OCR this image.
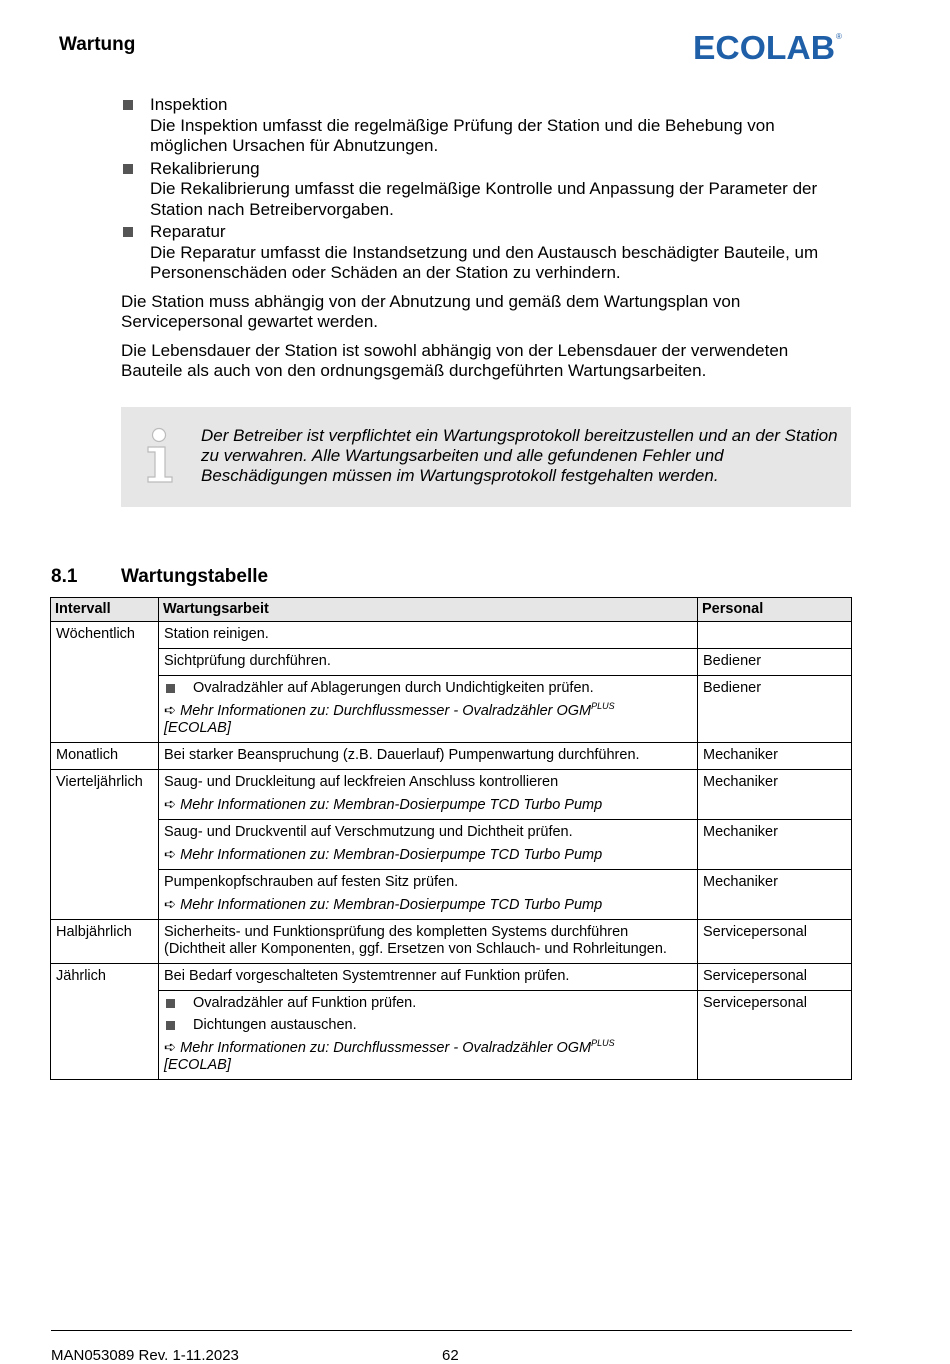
Wartung	ECOLAB ®
Inspektion
Die Inspektion umfasst die regelmäßige Prüfung der Station und die Behebung von möglichen Ursachen für Abnutzungen.
Rekalibrierung
Die Rekalibrierung umfasst die regelmäßige Kontrolle und Anpassung der Parameter der Station nach Betreibervorgaben.
Reparatur
Die Reparatur umfasst die Instandsetzung und den Austausch beschädigter Bauteile, um Personenschäden oder Schäden an der Station zu verhindern.
Die Station muss abhängig von der Abnutzung und gemäß dem Wartungsplan von Servicepersonal gewartet werden.
Die Lebensdauer der Station ist sowohl abhängig von der Lebensdauer der verwendeten Bauteile als auch von den ordnungsgemäß durchgeführten Wartungsarbeiten.
Der Betreiber ist verpflichtet ein Wartungsprotokoll bereitzustellen und an der Station zu verwahren. Alle Wartungsarbeiten und alle gefundenen Fehler und Beschädigungen müssen im Wartungsprotokoll festgehalten werden.
8.1 Wartungstabelle
Intervall	Wartungsarbeit	Personal
Wöchentlich	Station reinigen.	
	Sichtprüfung durchführen.	Bediener

	Ovalradzähler auf Ablagerungen durch Undichtigkeiten prüfen.
➪ Mehr Informationen zu: Durchflussmesser - Ovalradzähler $OGM^{PLUS}$
[ECOLAB]	Bediener
Monatlich	Bei starker Beanspruchung (z.B. Dauerlauf) Pumpenwartung durchführen.	Mechaniker
Vierteljährlich	Saug- und Druckleitung auf leckfreien Anschluss kontrollieren
➪ Mehr Informationen zu: Membran-Dosierpumpe TCD Turbo Pump	Mechaniker

	Saug- und Druckventil auf Verschmutzung und Dichtheit prüfen.
➪ Mehr Informationen zu: Membran-Dosierpumpe TCD Turbo Pump	Mechaniker

	Pumpenkopfschrauben auf festen Sitz prüfen.
➪ Mehr Informationen zu: Membran-Dosierpumpe TCD Turbo Pump	Mechaniker
Halbjährlich	Sicherheits- und Funktionsprüfung des kompletten Systems durchführen (Dichtheit aller Komponenten, ggf. Ersetzen von Schlauch- und Rohrleitungen.	Servicepersonal
Jährlich	Bei Bedarf vorgeschalteten Systemtrenner auf Funktion prüfen.	Servicepersonal

	Ovalradzähler auf Funktion prüfen.
Dichtungen austauschen.
➪ Mehr Informationen zu: Durchflussmesser - Ovalradzähler $OGM^{PLUS}$
[ECOLAB]	Servicepersonal
MAN053089 Rev. 1-11.2023	62
